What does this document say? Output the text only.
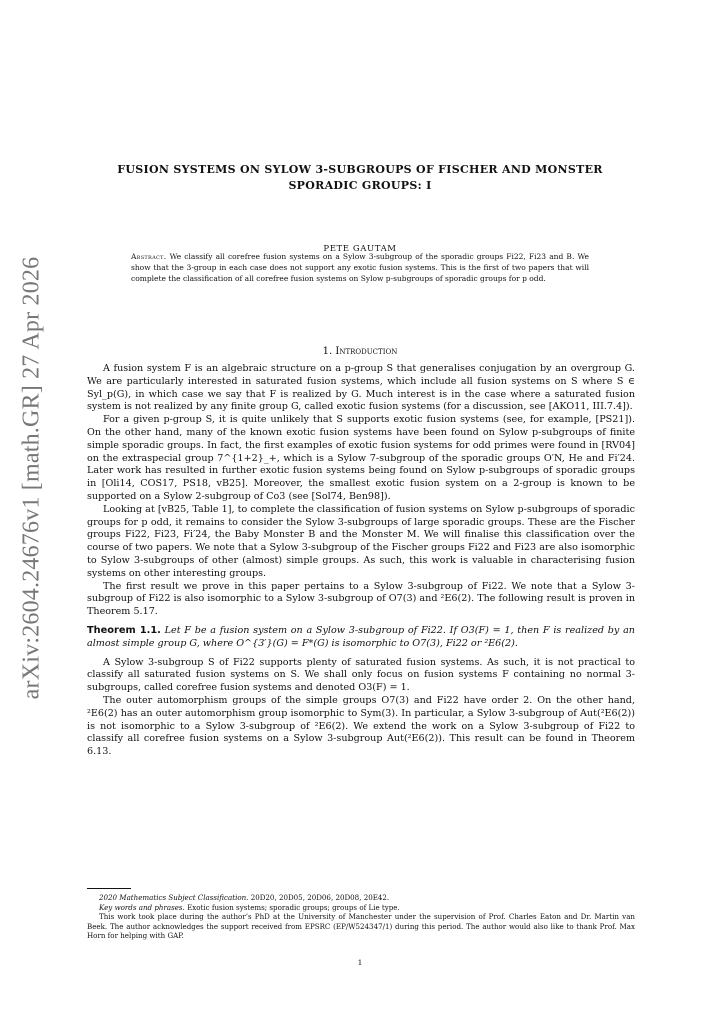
arXiv:2604.24676v1 [math.GR] 27 Apr 2026
FUSION SYSTEMS ON SYLOW 3-SUBGROUPS OF FISCHER AND MONSTER SPORADIC GROUPS: I
PETE GAUTAM
Abstract. We classify all corefree fusion systems on a Sylow 3-subgroup of the sporadic groups Fi22, Fi23 and B. We show that the 3-group in each case does not support any exotic fusion systems. This is the first of two papers that will complete the classification of all corefree fusion systems on Sylow p-subgroups of sporadic groups for p odd.
1. Introduction

A fusion system F is an algebraic structure on a p-group S that generalises conjugation by an overgroup G. We are particularly interested in saturated fusion systems, which include all fusion systems on S where S ∈ Syl_p(G), in which case we say that F is realized by G. Much interest is in the case where a saturated fusion system is not realized by any finite group G, called exotic fusion systems (for a discussion, see [AKO11, III.7.4]).

For a given p-group S, it is quite unlikely that S supports exotic fusion systems (see, for example, [PS21]). On the other hand, many of the known exotic fusion systems have been found on Sylow p-subgroups of finite simple sporadic groups. In fact, the first examples of exotic fusion systems for odd primes were found in [RV04] on the extraspecial group 7^{1+2}_+, which is a Sylow 7-subgroup of the sporadic groups O′N, He and Fi′24. Later work has resulted in further exotic fusion systems being found on Sylow p-subgroups of sporadic groups in [Oli14, COS17, PS18, vB25]. Moreover, the smallest exotic fusion system on a 2-group is known to be supported on a Sylow 2-subgroup of Co3 (see [Sol74, Ben98]).

Looking at [vB25, Table 1], to complete the classification of fusion systems on Sylow p-subgroups of sporadic groups for p odd, it remains to consider the Sylow 3-subgroups of large sporadic groups. These are the Fischer groups Fi22, Fi23, Fi′24, the Baby Monster B and the Monster M. We will finalise this classification over the course of two papers. We note that a Sylow 3-subgroup of the Fischer groups Fi22 and Fi23 are also isomorphic to Sylow 3-subgroups of other (almost) simple groups. As such, this work is valuable in characterising fusion systems on other interesting groups.

The first result we prove in this paper pertains to a Sylow 3-subgroup of Fi22. We note that a Sylow 3-subgroup of Fi22 is also isomorphic to a Sylow 3-subgroup of O7(3) and ²E6(2). The following result is proven in Theorem 5.17.

Theorem 1.1. Let F be a fusion system on a Sylow 3-subgroup of Fi22. If O3(F) = 1, then F is realized by an almost simple group G, where O^{3′}(G) = F*(G) is isomorphic to O7(3), Fi22 or ²E6(2).

A Sylow 3-subgroup S of Fi22 supports plenty of saturated fusion systems. As such, it is not practical to classify all saturated fusion systems on S. We shall only focus on fusion systems F containing no normal 3-subgroups, called corefree fusion systems and denoted O3(F) = 1.

The outer automorphism groups of the simple groups O7(3) and Fi22 have order 2. On the other hand, ²E6(2) has an outer automorphism group isomorphic to Sym(3). In particular, a Sylow 3-subgroup of Aut(²E6(2)) is not isomorphic to a Sylow 3-subgroup of ²E6(2). We extend the work on a Sylow 3-subgroup of Fi22 to classify all corefree fusion systems on a Sylow 3-subgroup Aut(²E6(2)). This result can be found in Theorem 6.13.

2020 Mathematics Subject Classification. 20D20, 20D05, 20D06, 20D08, 20E42.
Key words and phrases. Exotic fusion systems; sporadic groups; groups of Lie type.
This work took place during the author’s PhD at the University of Manchester under the supervision of Prof. Charles Eaton and Dr. Martin van Beek. The author acknowledges the support received from EPSRC (EP/W524347/1) during this period. The author would also like to thank Prof. Max Horn for helping with GAP.
1
